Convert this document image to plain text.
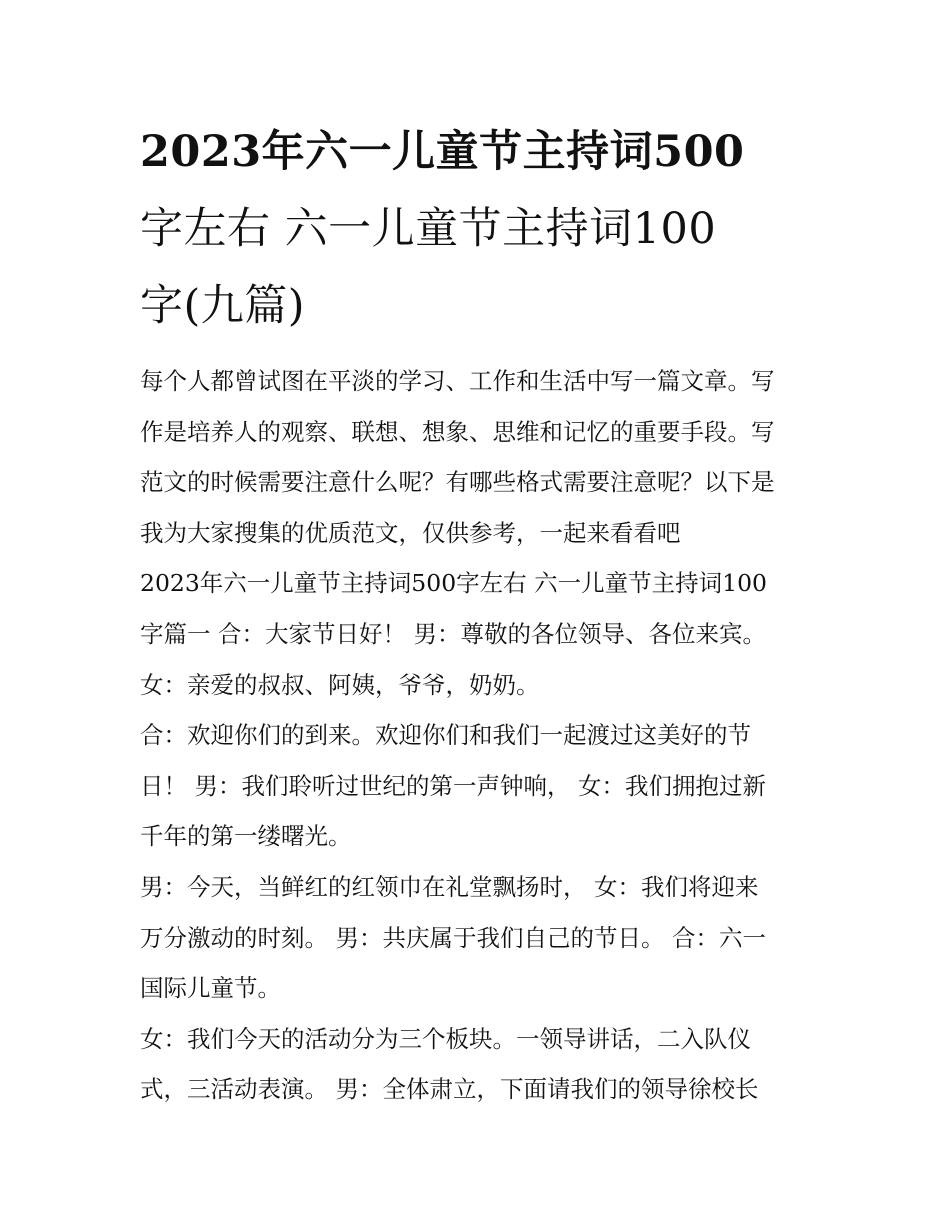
2023年六一儿童节主持词500
字左右 六一儿童节主持词100
字(九篇)

每个人都曾试图在平淡的学习、工作和生活中写一篇文章。写

作是培养人的观察、联想、想象、思维和记忆的重要手段。写

范文的时候需要注意什么呢？有哪些格式需要注意呢？以下是

我为大家搜集的优质范文，仅供参考，一起来看看吧

2023年六一儿童节主持词500字左右 六一儿童节主持词100

字篇一 合：大家节日好！ 男：尊敬的各位领导、各位来宾。

女：亲爱的叔叔、阿姨，爷爷，奶奶。

合：欢迎你们的到来。欢迎你们和我们一起渡过这美好的节

日！ 男：我们聆听过世纪的第一声钟响， 女：我们拥抱过新

千年的第一缕曙光。

男：今天，当鲜红的红领巾在礼堂飘扬时， 女：我们将迎来

万分激动的时刻。 男：共庆属于我们自己的节日。 合：六一

国际儿童节。

女：我们今天的活动分为三个板块。一领导讲话，二入队仪

式，三活动表演。 男：全体肃立，下面请我们的领导徐校长
